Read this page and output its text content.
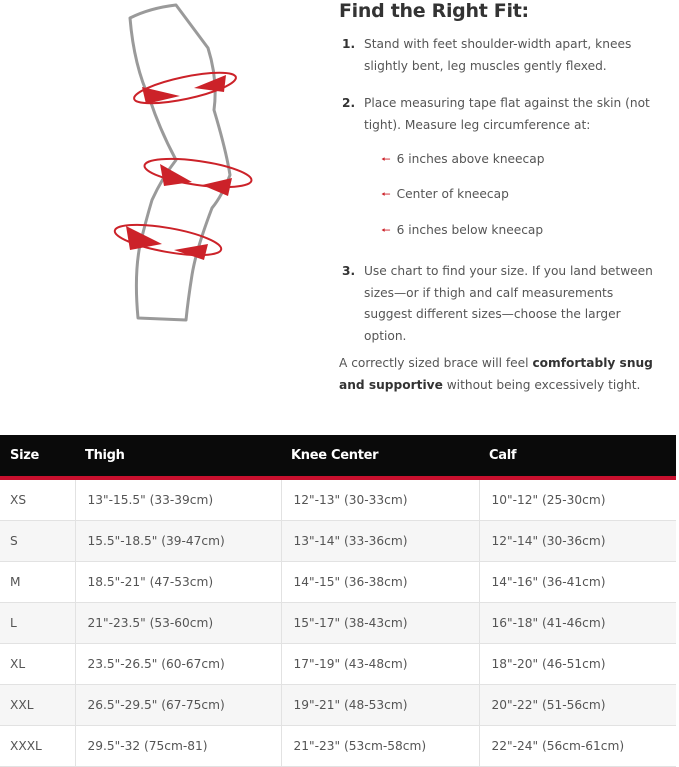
Find the Right Fit:
1. Stand with feet shoulder-width apart, knees slightly bent, leg muscles gently flexed.
2. Place measuring tape flat against the skin (not tight). Measure leg circumference at:
🠔 6 inches above kneecap
🠔 Center of kneecap
🠔 6 inches below kneecap
3. Use chart to find your size. If you land between sizes—or if thigh and calf measurements suggest different sizes—choose the larger option.

A correctly sized brace will feel comfortably snug and supportive without being excessively tight.

Size	Thigh	Knee Center	Calf
XS	13"-15.5" (33-39cm)	12"-13" (30-33cm)	10"-12" (25-30cm)
S	15.5"-18.5" (39-47cm)	13"-14" (33-36cm)	12"-14" (30-36cm)
M	18.5"-21" (47-53cm)	14"-15" (36-38cm)	14"-16" (36-41cm)
L	21"-23.5" (53-60cm)	15"-17" (38-43cm)	16"-18" (41-46cm)
XL	23.5"-26.5" (60-67cm)	17"-19" (43-48cm)	18"-20" (46-51cm)
XXL	26.5"-29.5" (67-75cm)	19"-21" (48-53cm)	20"-22" (51-56cm)
XXXL	29.5"-32 (75cm-81)	21"-23" (53cm-58cm)	22"-24" (56cm-61cm)
